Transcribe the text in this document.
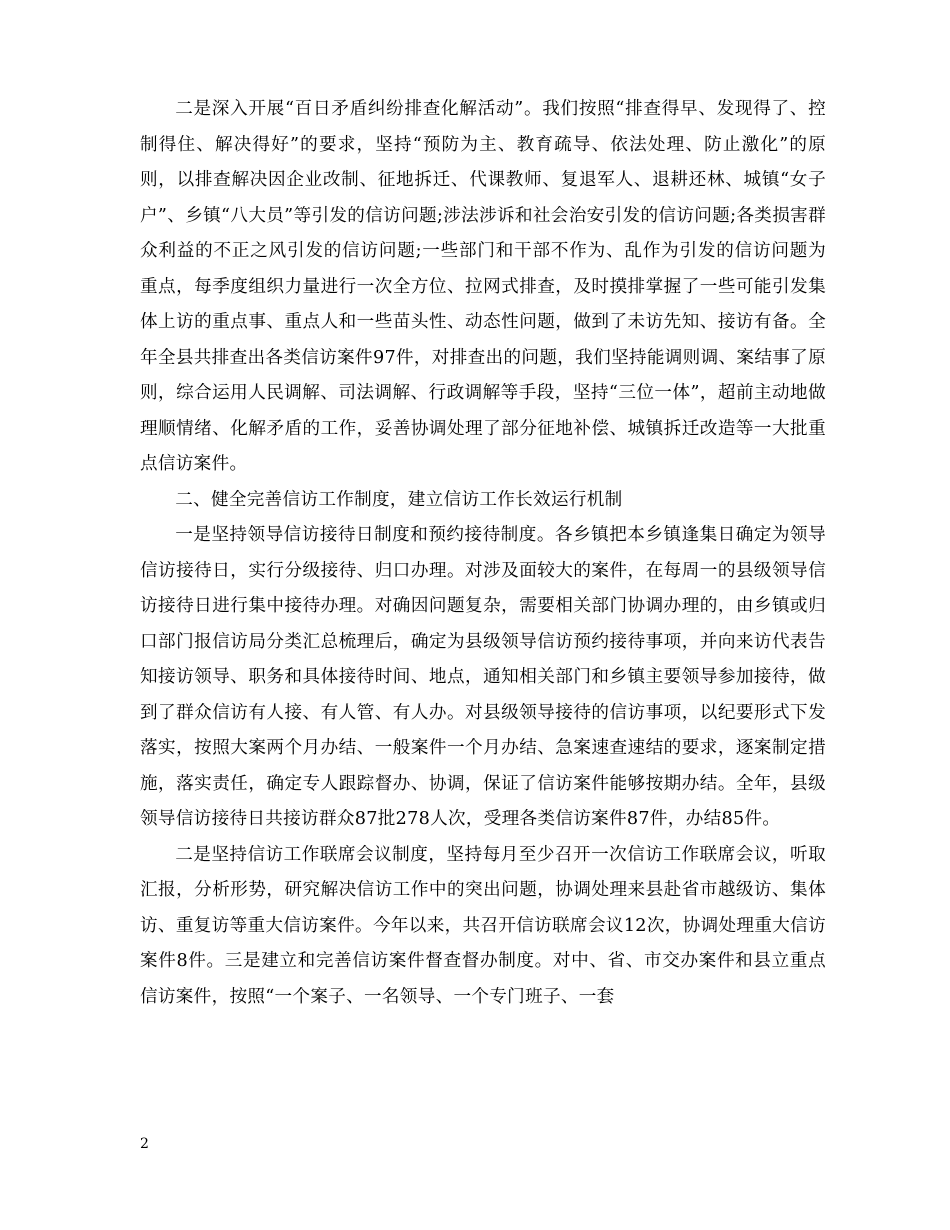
二是深入开展“百日矛盾纠纷排查化解活动”。我们按照“排查得早、发现得了、控制得住、解决得好”的要求，坚持“预防为主、教育疏导、依法处理、防止激化”的原则，以排查解决因企业改制、征地拆迁、代课教师、复退军人、退耕还林、城镇“女子户”、乡镇“八大员”等引发的信访问题;涉法涉诉和社会治安引发的信访问题;各类损害群众利益的不正之风引发的信访问题;一些部门和干部不作为、乱作为引发的信访问题为重点，每季度组织力量进行一次全方位、拉网式排查，及时摸排掌握了一些可能引发集体上访的重点事、重点人和一些苗头性、动态性问题，做到了未访先知、接访有备。全年全县共排查出各类信访案件97件，对排查出的问题，我们坚持能调则调、案结事了原则，综合运用人民调解、司法调解、行政调解等手段，坚持“三位一体”，超前主动地做理顺情绪、化解矛盾的工作，妥善协调处理了部分征地补偿、城镇拆迁改造等一大批重点信访案件。

二、健全完善信访工作制度，建立信访工作长效运行机制

一是坚持领导信访接待日制度和预约接待制度。各乡镇把本乡镇逢集日确定为领导信访接待日，实行分级接待、归口办理。对涉及面较大的案件，在每周一的县级领导信访接待日进行集中接待办理。对确因问题复杂，需要相关部门协调办理的，由乡镇或归口部门报信访局分类汇总梳理后，确定为县级领导信访预约接待事项，并向来访代表告知接访领导、职务和具体接待时间、地点，通知相关部门和乡镇主要领导参加接待，做到了群众信访有人接、有人管、有人办。对县级领导接待的信访事项，以纪要形式下发落实，按照大案两个月办结、一般案件一个月办结、急案速查速结的要求，逐案制定措施，落实责任，确定专人跟踪督办、协调，保证了信访案件能够按期办结。全年，县级领导信访接待日共接访群众87批278人次，受理各类信访案件87件，办结85件。

二是坚持信访工作联席会议制度，坚持每月至少召开一次信访工作联席会议，听取汇报，分析形势，研究解决信访工作中的突出问题，协调处理来县赴省市越级访、集体访、重复访等重大信访案件。今年以来，共召开信访联席会议12次，协调处理重大信访案件8件。三是建立和完善信访案件督查督办制度。对中、省、市交办案件和县立重点信访案件，按照“一个案子、一名领导、一个专门班子、一套

2
